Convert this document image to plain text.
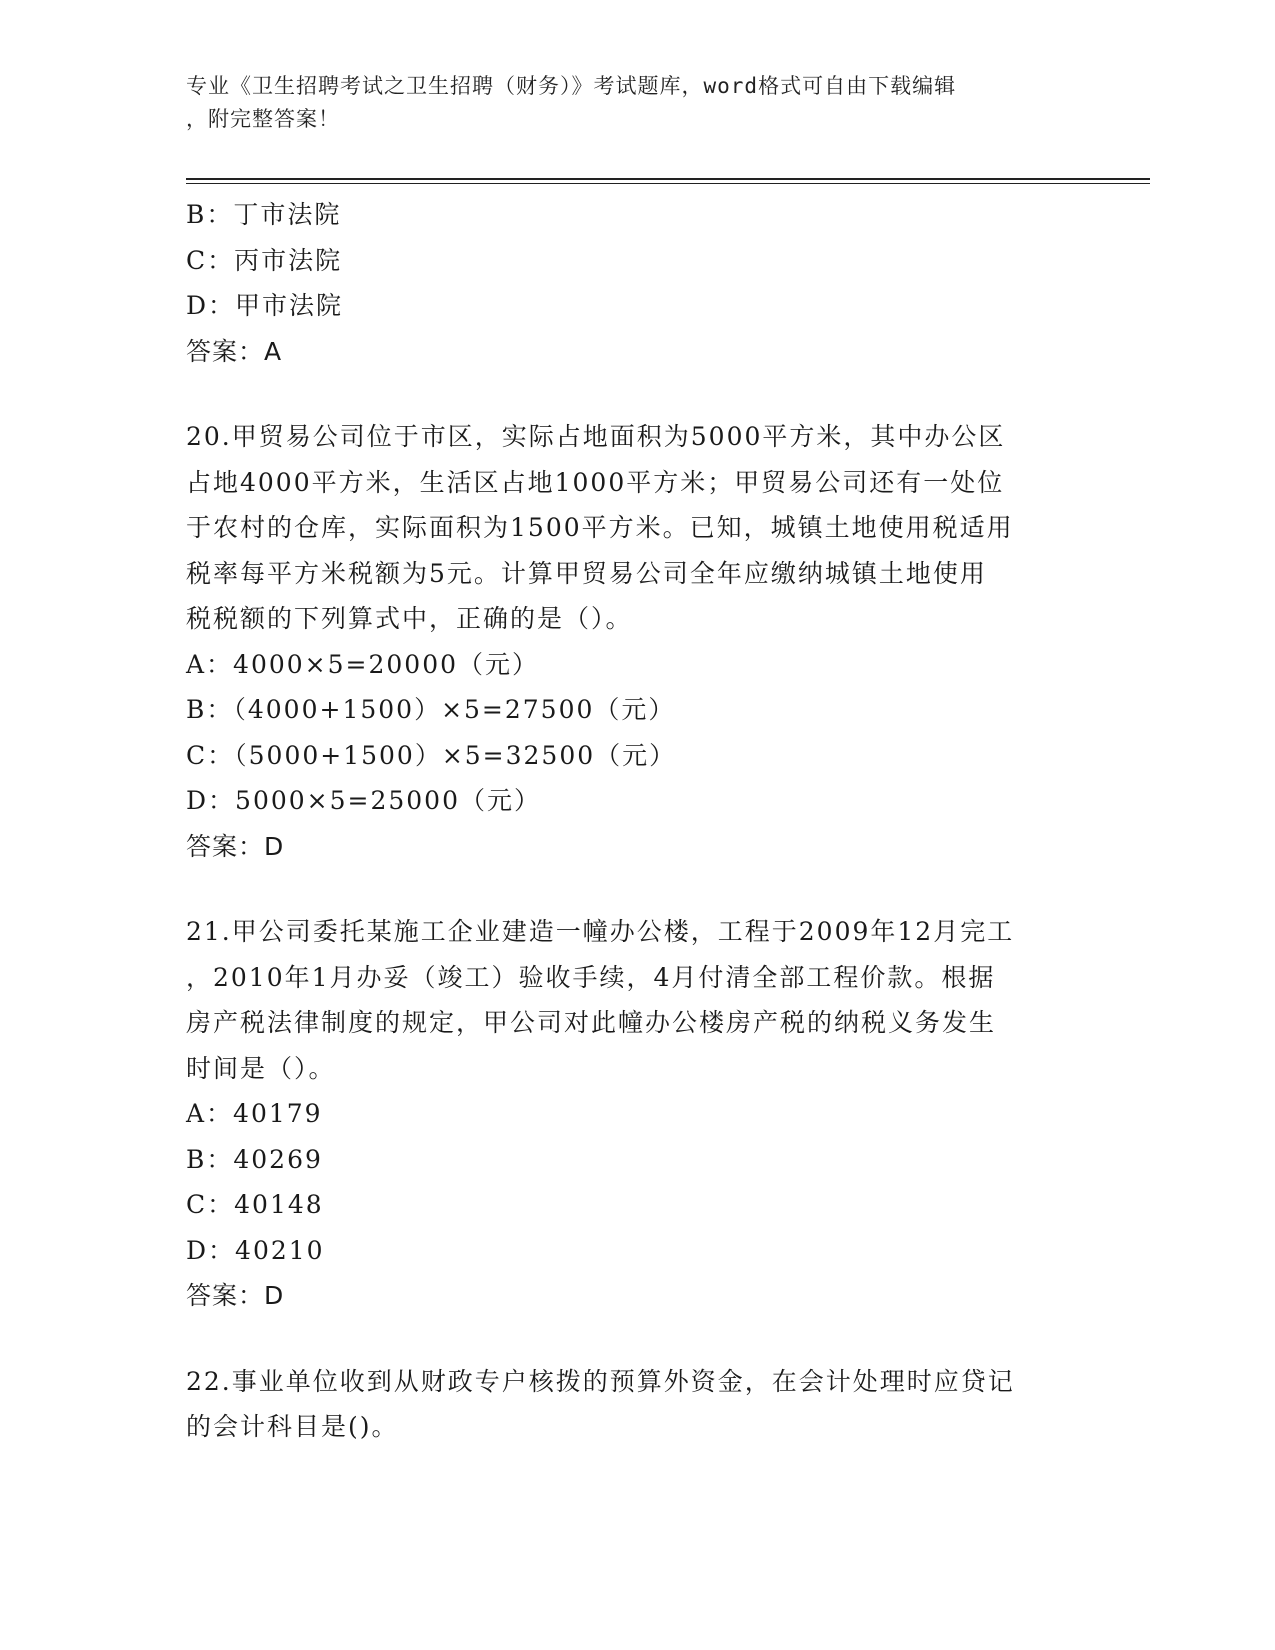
专业《卫生招聘考试之卫生招聘（财务）》考试题库，word格式可自由下载编辑

，附完整答案！

B：丁市法院

C：丙市法院

D：甲市法院

答案：A

20.甲贸易公司位于市区，实际占地面积为5000平方米，其中办公区

占地4000平方米，生活区占地1000平方米；甲贸易公司还有一处位

于农村的仓库，实际面积为1500平方米。已知，城镇土地使用税适用

税率每平方米税额为5元。计算甲贸易公司全年应缴纳城镇土地使用

税税额的下列算式中，正确的是（）。

A：4000×5=20000（元）

B：（4000+1500）×5=27500（元）

C：（5000+1500）×5=32500（元）

D：5000×5=25000（元）

答案：D

21.甲公司委托某施工企业建造一幢办公楼，工程于2009年12月完工

，2010年1月办妥（竣工）验收手续，4月付清全部工程价款。根据

房产税法律制度的规定，甲公司对此幢办公楼房产税的纳税义务发生

时间是（）。

A：40179

B：40269

C：40148

D：40210

答案：D

22.事业单位收到从财政专户核拨的预算外资金，在会计处理时应贷记

的会计科目是()。
